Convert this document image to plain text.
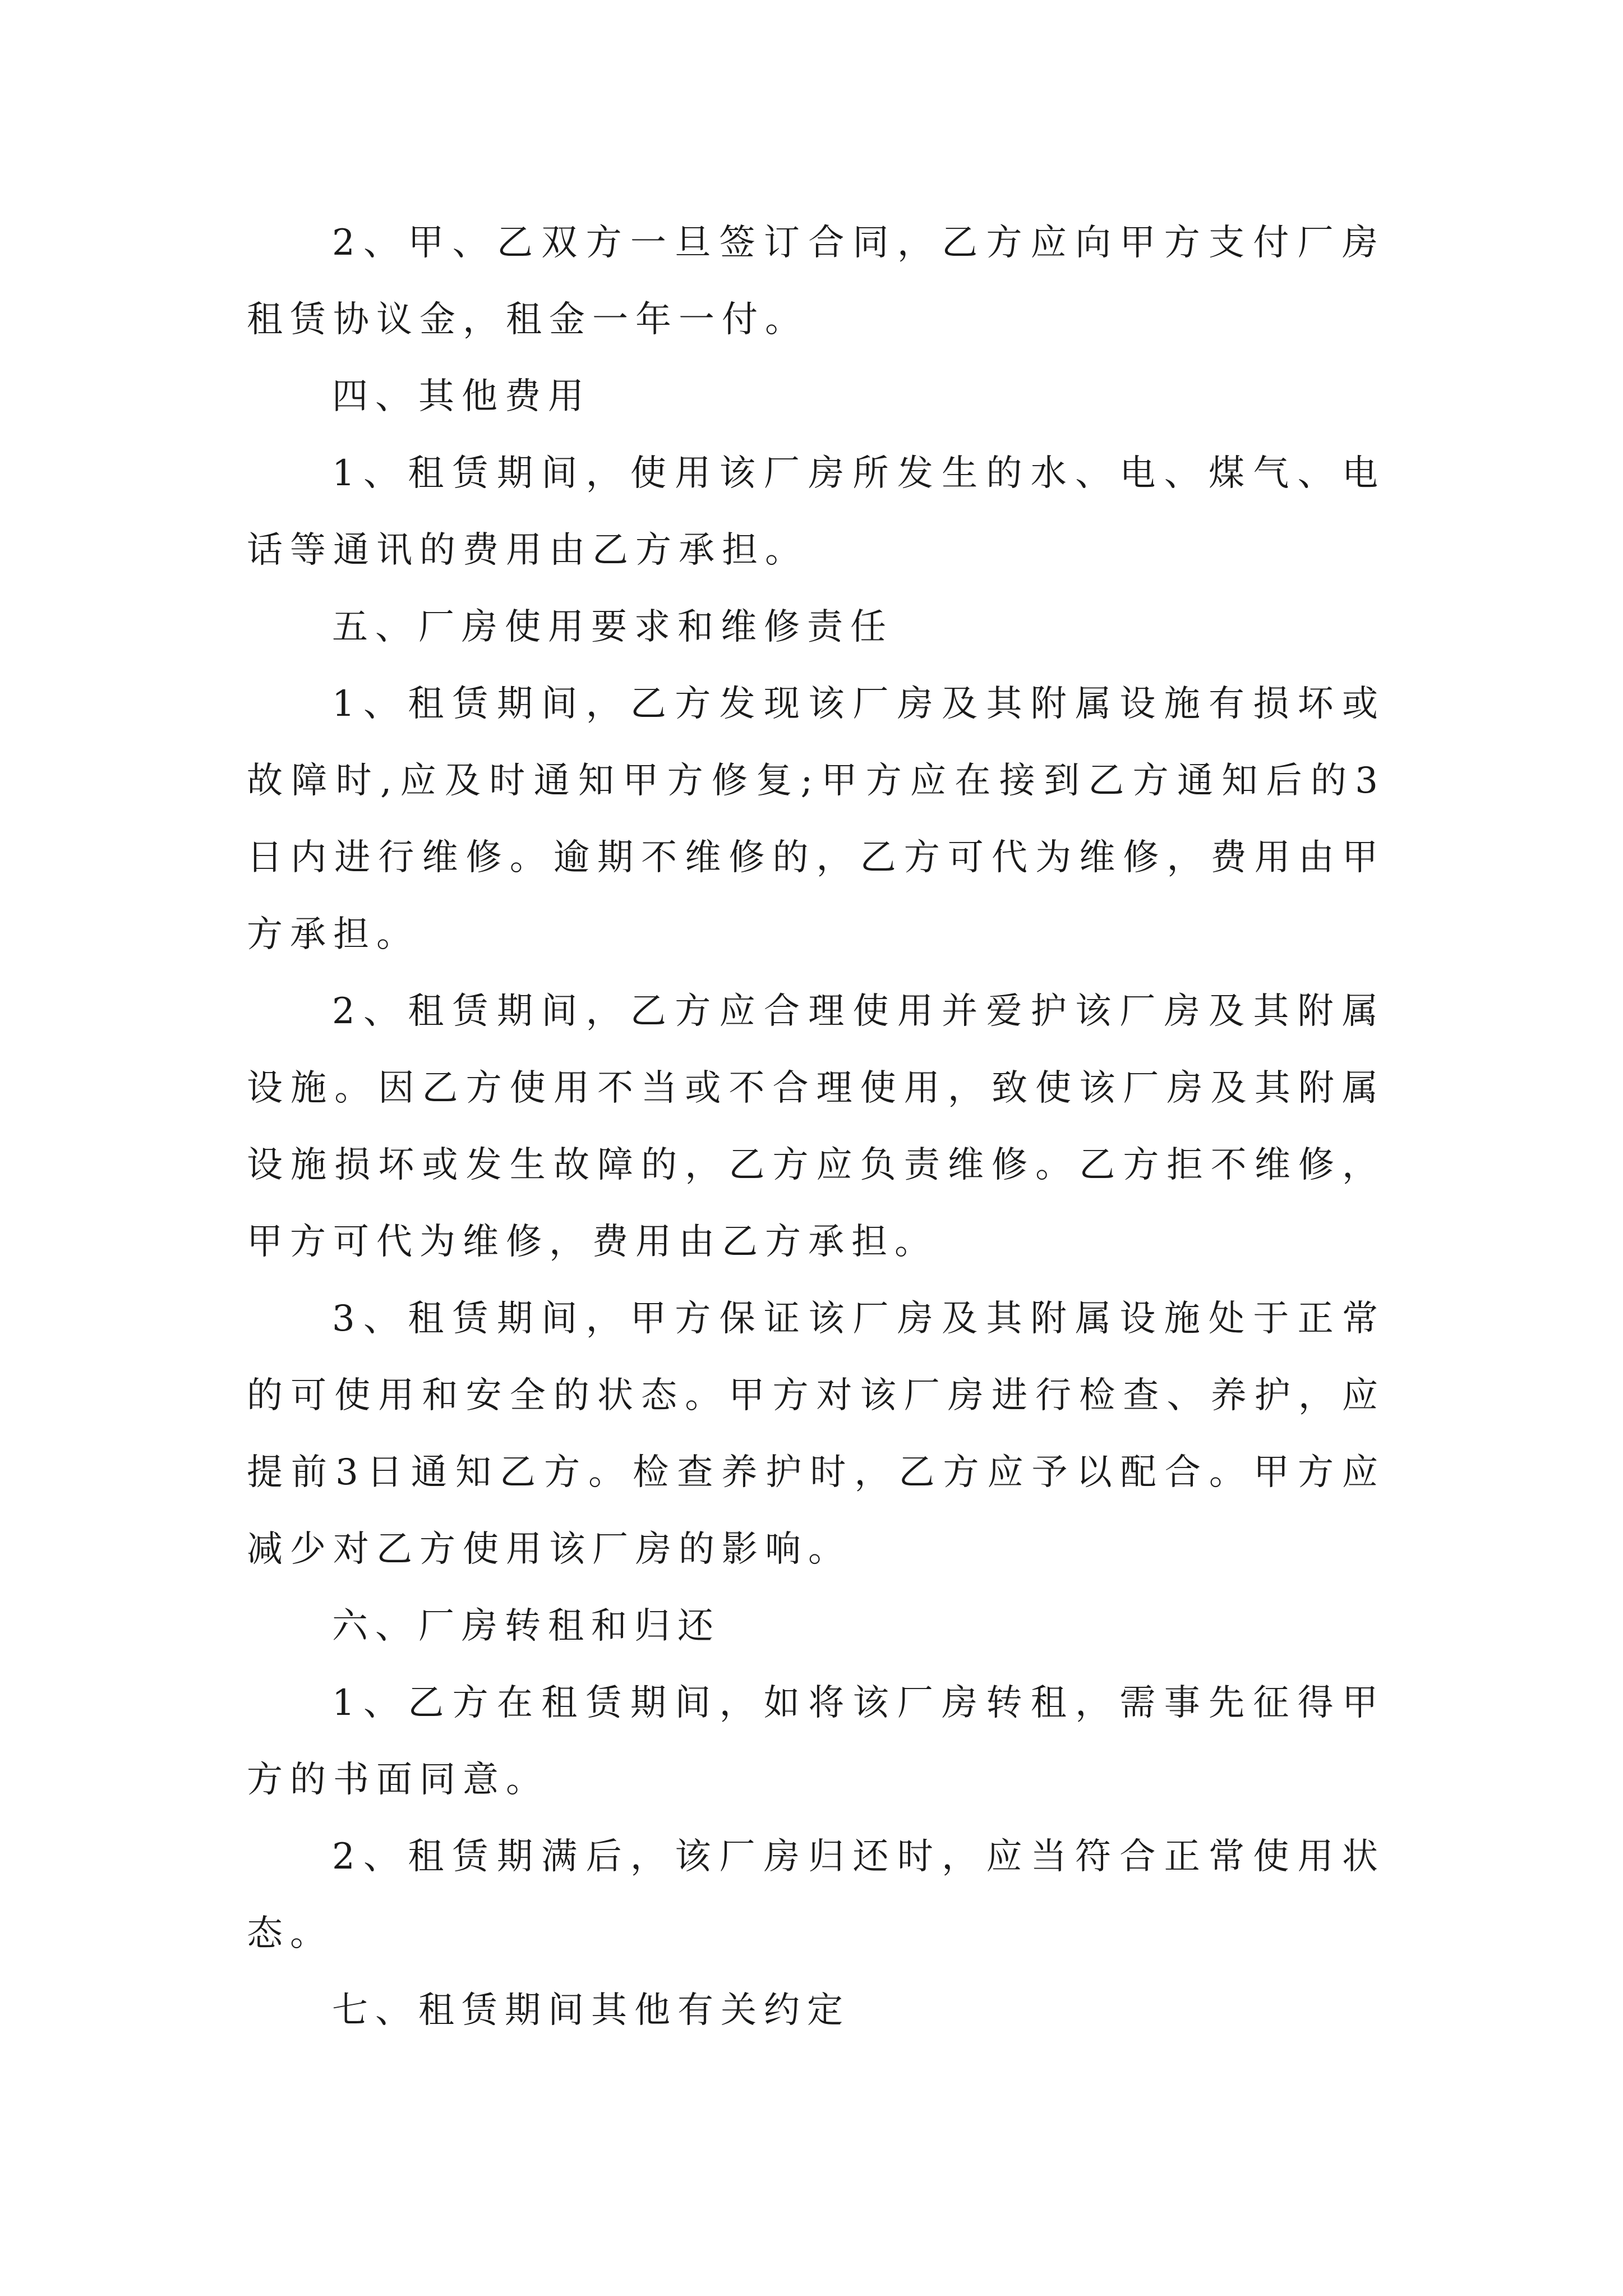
2、甲、乙双方一旦签订合同，乙方应向甲方支付厂房租赁协议金，租金一年一付。

四、其他费用

1、租赁期间，使用该厂房所发生的水、电、煤气、电话等通讯的费用由乙方承担。

五、厂房使用要求和维修责任

1、租赁期间，乙方发现该厂房及其附属设施有损坏或故障时,应及时通知甲方修复;甲方应在接到乙方通知后的3日内进行维修。逾期不维修的，乙方可代为维修，费用由甲方承担。

2、租赁期间，乙方应合理使用并爱护该厂房及其附属设施。因乙方使用不当或不合理使用，致使该厂房及其附属设施损坏或发生故障的，乙方应负责维修。乙方拒不维修，甲方可代为维修，费用由乙方承担。

3、租赁期间，甲方保证该厂房及其附属设施处于正常的可使用和安全的状态。甲方对该厂房进行检查、养护，应提前3日通知乙方。检查养护时，乙方应予以配合。甲方应减少对乙方使用该厂房的影响。

六、厂房转租和归还

1、乙方在租赁期间，如将该厂房转租，需事先征得甲方的书面同意。

2、租赁期满后，该厂房归还时，应当符合正常使用状态。

七、租赁期间其他有关约定
